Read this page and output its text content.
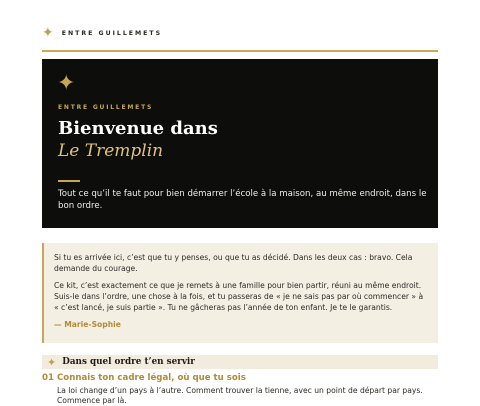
✦ ENTRE GUILLEMETS
✦
ENTRE GUILLEMETS
Bienvenue dans
Le Tremplin
Tout ce qu’il te faut pour bien démarrer l’école à la maison, au même endroit, dans le bon ordre.

Si tu es arrivée ici, c’est que tu y penses, ou que tu as décidé. Dans les deux cas : bravo. Cela demande du courage.

Ce kit, c’est exactement ce que je remets à une famille pour bien partir, réuni au même endroit. Suis-le dans l’ordre, une chose à la fois, et tu passeras de « je ne sais pas par où commencer » à « c’est lancé, je suis partie ». Tu ne gâcheras pas l’année de ton enfant. Je te le garantis.

— Marie-Sophie
✦ Dans quel ordre t’en servir
01 Connais ton cadre légal, où que tu sois
La loi change d’un pays à l’autre. Comment trouver la tienne, avec un point de départ par pays. Commence par là.
